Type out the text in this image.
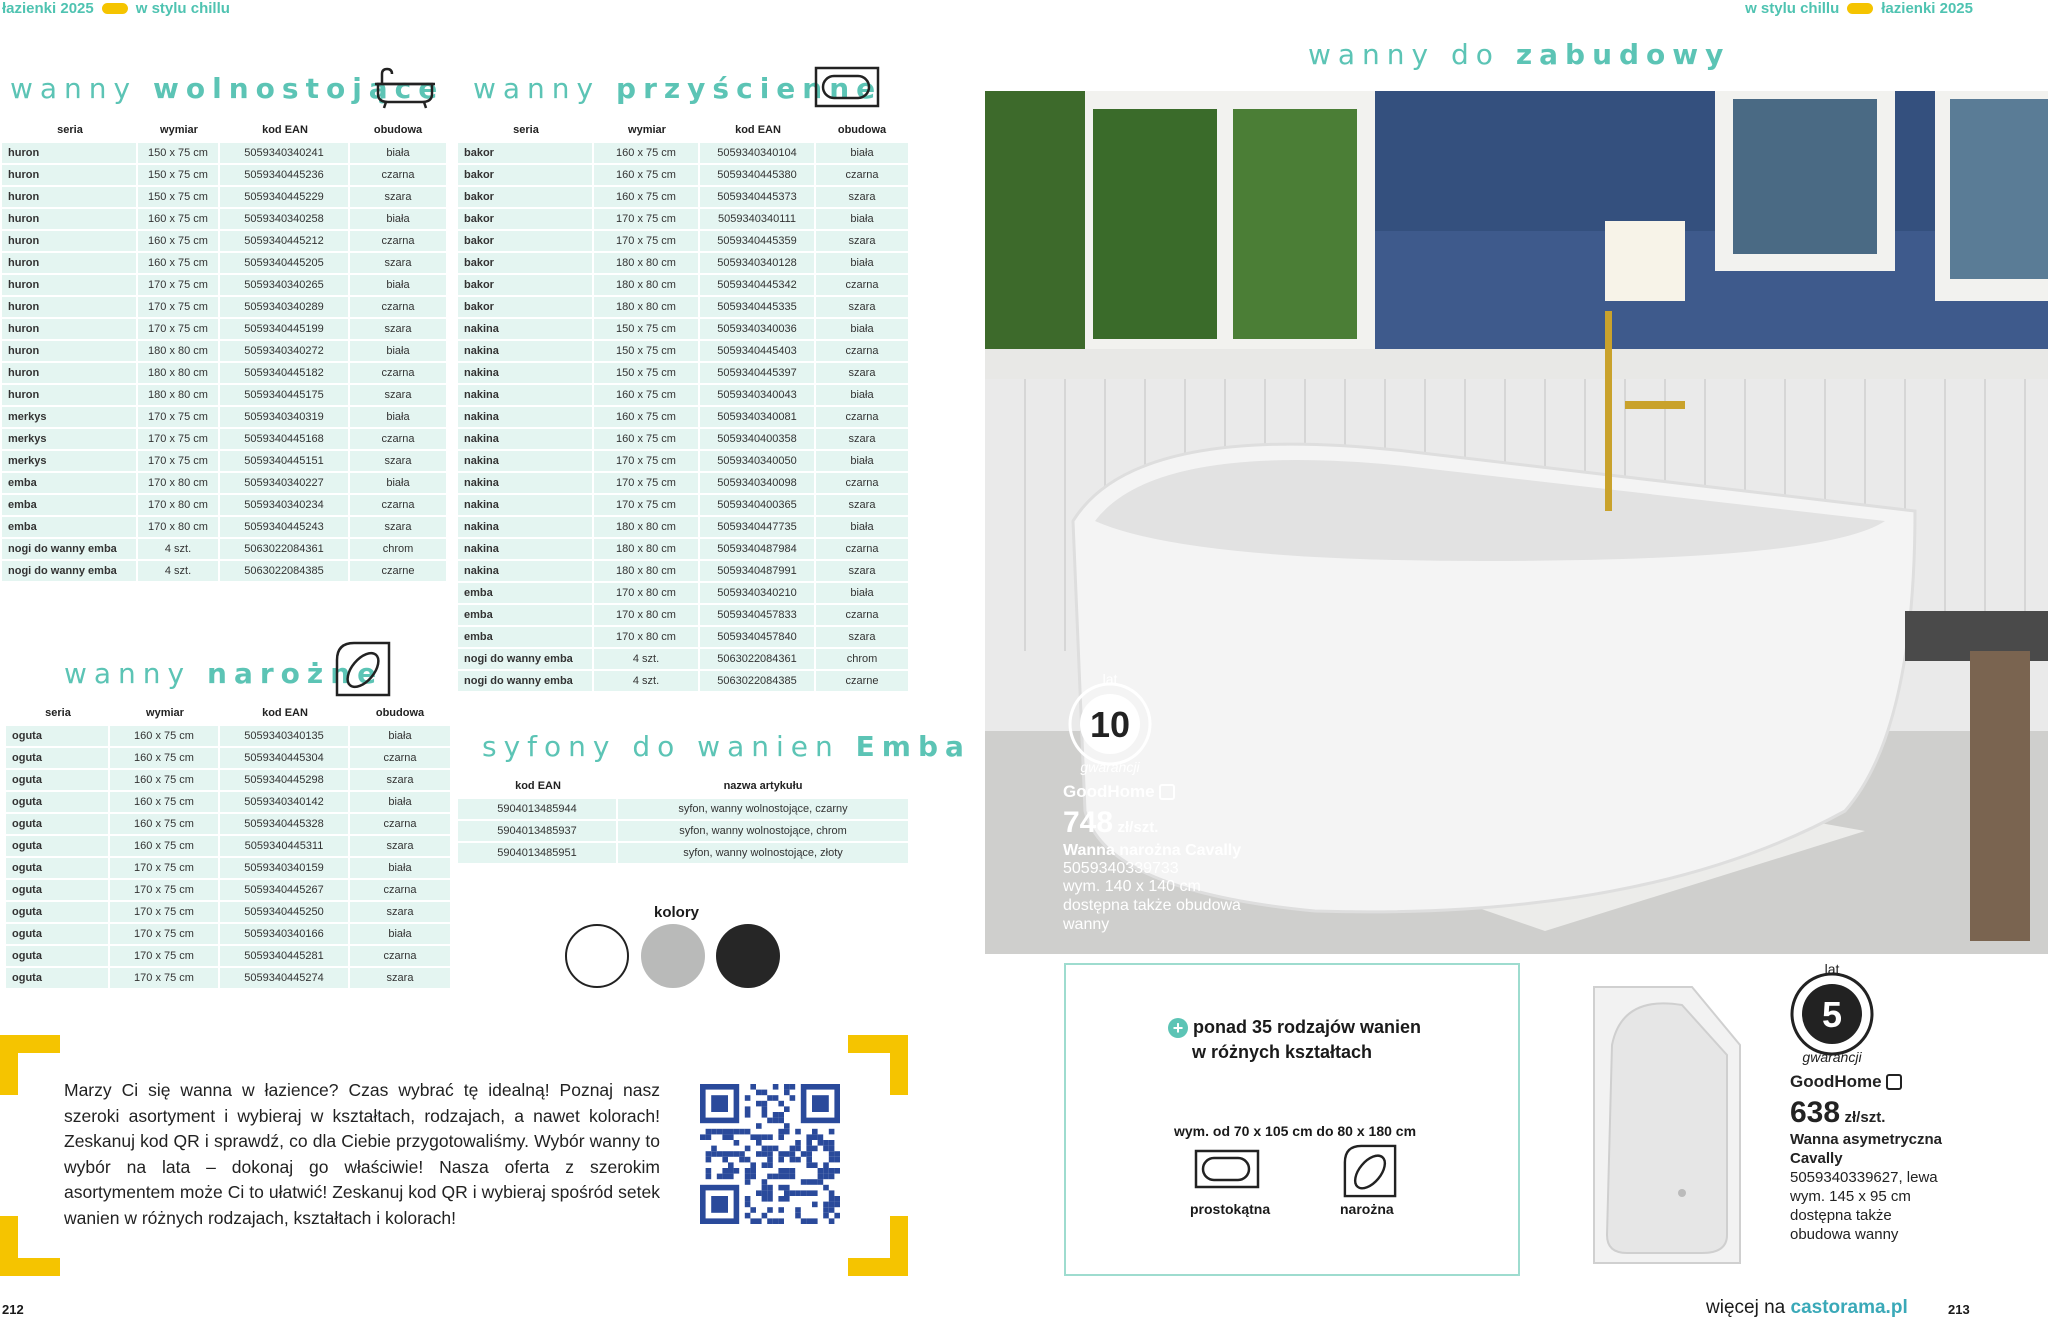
łazienki 2025	w stylu chillu	w stylu chillu	łazienki 2025
wanny wolnostojące wanny przyścienne
wanny narożne
syfony do wanien Emba
wanny do zabudowy
seria	wymiar	kod EAN	obudowa
huron	150 x 75 cm	5059340340241	biała
huron	150 x 75 cm	5059340445236	czarna
huron	150 x 75 cm	5059340445229	szara
huron	160 x 75 cm	5059340340258	biała
huron	160 x 75 cm	5059340445212	czarna
huron	160 x 75 cm	5059340445205	szara
huron	170 x 75 cm	5059340340265	biała
huron	170 x 75 cm	5059340340289	czarna
huron	170 x 75 cm	5059340445199	szara
huron	180 x 80 cm	5059340340272	biała
huron	180 x 80 cm	5059340445182	czarna
huron	180 x 80 cm	5059340445175	szara
merkys	170 x 75 cm	5059340340319	biała
merkys	170 x 75 cm	5059340445168	czarna
merkys	170 x 75 cm	5059340445151	szara
emba	170 x 80 cm	5059340340227	biała
emba	170 x 80 cm	5059340340234	czarna
emba	170 x 80 cm	5059340445243	szara
nogi do wanny emba	4 szt.	5063022084361	chrom
nogi do wanny emba	4 szt.	5063022084385	czarne
seria	wymiar	kod EAN	obudowa
bakor	160 x 75 cm	5059340340104	biała
bakor	160 x 75 cm	5059340445380	czarna
bakor	160 x 75 cm	5059340445373	szara
bakor	170 x 75 cm	5059340340111	biała
bakor	170 x 75 cm	5059340445359	szara
bakor	180 x 80 cm	5059340340128	biała
bakor	180 x 80 cm	5059340445342	czarna
bakor	180 x 80 cm	5059340445335	szara
nakina	150 x 75 cm	5059340340036	biała
nakina	150 x 75 cm	5059340445403	czarna
nakina	150 x 75 cm	5059340445397	szara
nakina	160 x 75 cm	5059340340043	biała
nakina	160 x 75 cm	5059340340081	czarna
nakina	160 x 75 cm	5059340400358	szara
nakina	170 x 75 cm	5059340340050	biała
nakina	170 x 75 cm	5059340340098	czarna
nakina	170 x 75 cm	5059340400365	szara
nakina	180 x 80 cm	5059340447735	biała
nakina	180 x 80 cm	5059340487984	czarna
nakina	180 x 80 cm	5059340487991	szara
emba	170 x 80 cm	5059340340210	biała
emba	170 x 80 cm	5059340457833	czarna
emba	170 x 80 cm	5059340457840	szara
nogi do wanny emba	4 szt.	5063022084361	chrom
nogi do wanny emba	4 szt.	5063022084385	czarne
seria	wymiar	kod EAN	obudowa
oguta	160 x 75 cm	5059340340135	biała
oguta	160 x 75 cm	5059340445304	czarna
oguta	160 x 75 cm	5059340445298	szara
oguta	160 x 75 cm	5059340340142	biała
oguta	160 x 75 cm	5059340445328	czarna
oguta	160 x 75 cm	5059340445311	szara
oguta	170 x 75 cm	5059340340159	biała
oguta	170 x 75 cm	5059340445267	czarna
oguta	170 x 75 cm	5059340445250	szara
oguta	170 x 75 cm	5059340340166	biała
oguta	170 x 75 cm	5059340445281	czarna
oguta	170 x 75 cm	5059340445274	szara
kod EAN	nazwa artykułu
5904013485944	syfon, wanny wolnostojące, czarny
5904013485937	syfon, wanny wolnostojące, chrom
5904013485951	syfon, wanny wolnostojące, złoty
kolory
Marzy Ci się wanna w łazience? Czas wybrać tę idealną! Poznaj nasz szeroki asortyment i wybieraj w kształtach, rodzajach, a nawet kolorach! Zeskanuj kod QR i sprawdź, co dla Ciebie przygotowaliśmy. Wybór wanny to wybór na lata – dokonaj go właściwie! Nasza oferta z szerokim asortymentem może Ci to ułatwić! Zeskanuj kod QR i wybieraj spośród setek wanien w różnych rodzajach, kształtach i kolorach!
10
lat
gwarancji
GoodHome
748 zł/szt.
Wanna narożna Cavally
5059340339733
wym. 140 x 140 cm
dostępna także obudowa wanny
+ ponad 35 rodzajów wanien
w różnych kształtach
wym. od 70 x 105 cm do 80 x 180 cm
prostokątna	narożna
5
lat
gwarancji
GoodHome
638 zł/szt.
Wanna asymetryczna
Cavally
5059340339627, lewa
wym. 145 x 95 cm
dostępna także
obudowa wanny
212	więcej na castorama.pl	213
